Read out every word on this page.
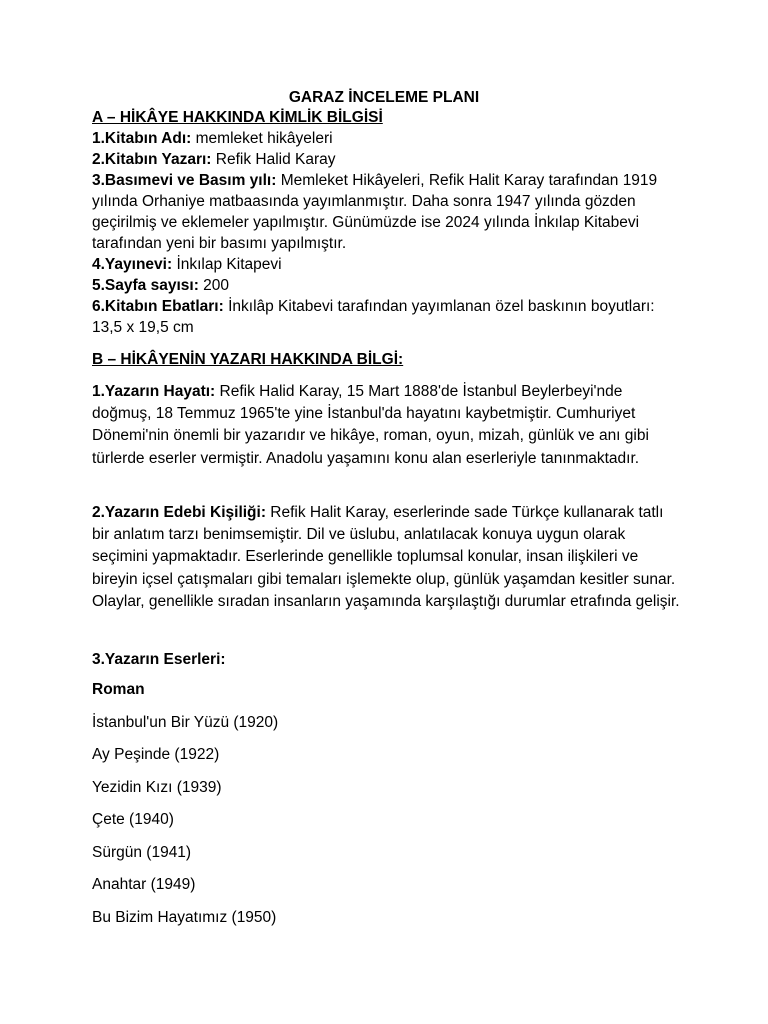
GARAZ İNCELEME PLANI
A – HİKÂYE HAKKINDA KİMLİK BİLGİSİ
1.Kitabın Adı: memleket hikâyeleri
2.Kitabın Yazarı: Refik Halid Karay
3.Basımevi ve Basım yılı: Memleket Hikâyeleri, Refik Halit Karay tarafından 1919 yılında Orhaniye matbaasında yayımlanmıştır. Daha sonra 1947 yılında gözden geçirilmiş ve eklemeler yapılmıştır. Günümüzde ise 2024 yılında İnkılap Kitabevi tarafından yeni bir basımı yapılmıştır.
4.Yayınevi: İnkılap Kitapevi
5.Sayfa sayısı: 200
6.Kitabın Ebatları: İnkılâp Kitabevi tarafından yayımlanan özel baskının boyutları: 13,5 x 19,5 cm
B – HİKÂYENİN YAZARI HAKKINDA BİLGİ:
1.Yazarın Hayatı: Refik Halid Karay, 15 Mart 1888'de İstanbul Beylerbeyi'nde doğmuş, 18 Temmuz 1965'te yine İstanbul'da hayatını kaybetmiştir. Cumhuriyet Dönemi'nin önemli bir yazarıdır ve hikâye, roman, oyun, mizah, günlük ve anı gibi türlerde eserler vermiştir. Anadolu yaşamını konu alan eserleriyle tanınmaktadır.
2.Yazarın Edebi Kişiliği: Refik Halit Karay, eserlerinde sade Türkçe kullanarak tatlı bir anlatım tarzı benimsemiştir. Dil ve üslubu, anlatılacak konuya uygun olarak seçimini yapmaktadır. Eserlerinde genellikle toplumsal konular, insan ilişkileri ve bireyin içsel çatışmaları gibi temaları işlemekte olup, günlük yaşamdan kesitler sunar. Olaylar, genellikle sıradan insanların yaşamında karşılaştığı durumlar etrafında gelişir.
3.Yazarın Eserleri:
Roman
İstanbul'un Bir Yüzü (1920)
Ay Peşinde (1922)
Yezidin Kızı (1939)
Çete (1940)
Sürgün (1941)
Anahtar (1949)
Bu Bizim Hayatımız (1950)
